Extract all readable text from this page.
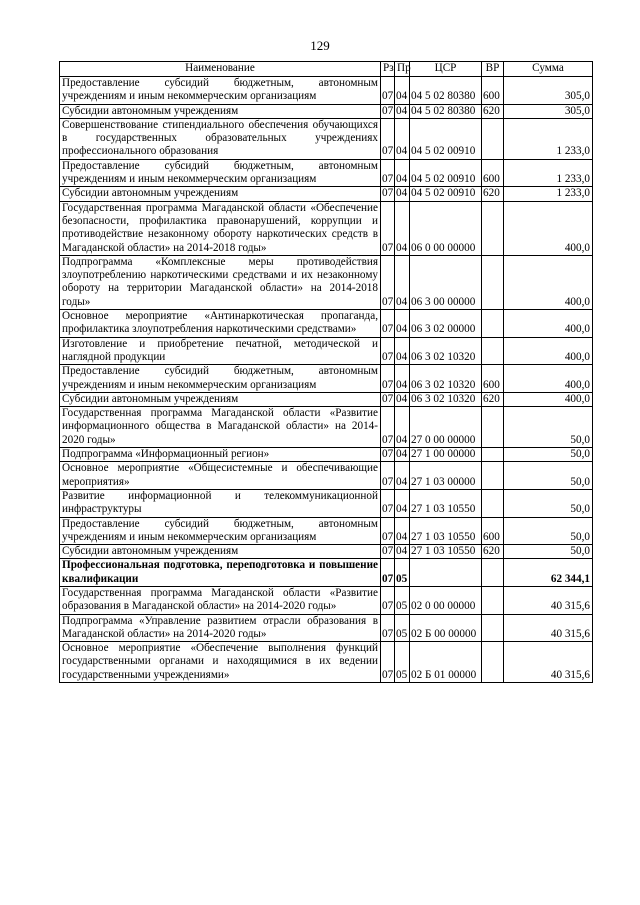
129
Наименование	Рз	Пр	ЦСР	ВР	Сумма
Предоставление субсидий бюджетным, автономным учреждениям и иным некоммерческим организациям	07	04	04 5 02 80380	600	305,0
Субсидии автономным учреждениям	07	04	04 5 02 80380	620	305,0
Совершенствование стипендиального обеспечения обучающихся в государственных образовательных учреждениях профессионального образования	07	04	04 5 02 00910		1 233,0
Предоставление субсидий бюджетным, автономным учреждениям и иным некоммерческим организациям	07	04	04 5 02 00910	600	1 233,0
Субсидии автономным учреждениям	07	04	04 5 02 00910	620	1 233,0
Государственная программа Магаданской области «Обеспечение безопасности, профилактика правонарушений, коррупции и противодействие незаконному обороту наркотических средств в Магаданской области» на 2014-2018 годы»	07	04	06 0 00 00000		400,0
Подпрограмма «Комплексные меры противодействия злоупотреблению наркотическими средствами и их незаконному обороту на территории Магаданской области» на 2014-2018 годы»	07	04	06 3 00 00000		400,0
Основное мероприятие «Антинаркотическая пропаганда, профилактика злоупотребления наркотическими средствами»	07	04	06 3 02 00000		400,0
Изготовление и приобретение печатной, методической и наглядной продукции	07	04	06 3 02 10320		400,0
Предоставление субсидий бюджетным, автономным учреждениям и иным некоммерческим организациям	07	04	06 3 02 10320	600	400,0
Субсидии автономным учреждениям	07	04	06 3 02 10320	620	400,0
Государственная программа Магаданской области «Развитие информационного общества в Магаданской области» на 2014-2020 годы»	07	04	27 0 00 00000		50,0
Подпрограмма «Информационный регион»	07	04	27 1 00 00000		50,0
Основное мероприятие «Общесистемные и обеспечивающие мероприятия»	07	04	27 1 03 00000		50,0
Развитие информационной и телекоммуникационной инфраструктуры	07	04	27 1 03 10550		50,0
Предоставление субсидий бюджетным, автономным учреждениям и иным некоммерческим организациям	07	04	27 1 03 10550	600	50,0
Субсидии автономным учреждениям	07	04	27 1 03 10550	620	50,0
Профессиональная подготовка, переподготовка и повышение квалификации	07	05			62 344,1
Государственная программа Магаданской области «Развитие образования в Магаданской области» на 2014-2020 годы»	07	05	02 0 00 00000		40 315,6
Подпрограмма «Управление развитием отрасли образования в Магаданской области» на 2014-2020 годы»	07	05	02 Б 00 00000		40 315,6
Основное мероприятие «Обеспечение выполнения функций государственными органами и находящимися в их ведении государственными учреждениями»	07	05	02 Б 01 00000		40 315,6
